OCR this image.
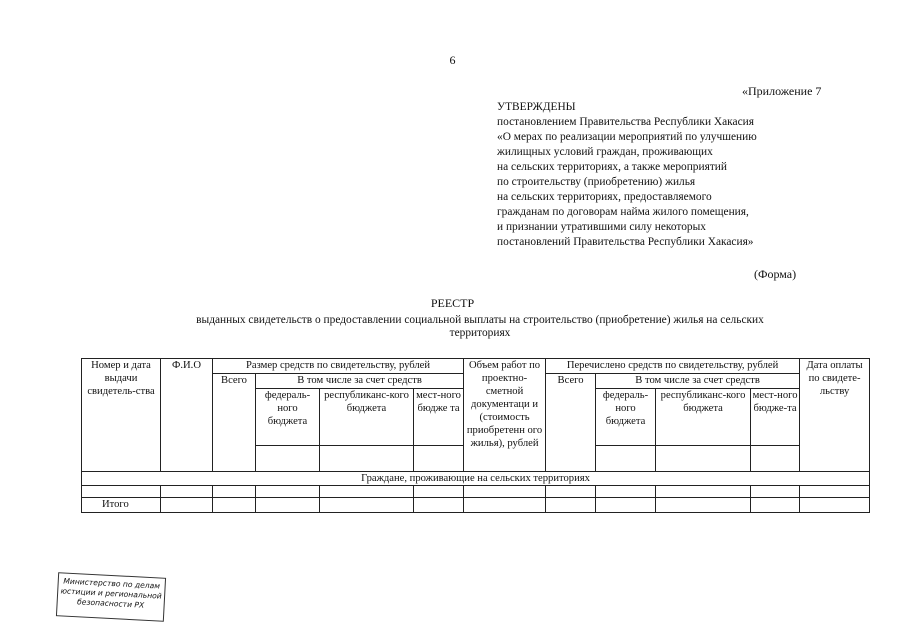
6
«Приложение 7
УТВЕРЖДЕНЫ
постановлением Правительства Республики Хакасия
«О мерах по реализации мероприятий по улучшению
жилищных условий граждан, проживающих
на сельских территориях, а также мероприятий
по строительству (приобретению) жилья
на сельских территориях, предоставляемого
гражданам по договорам найма жилого помещения,
и признании утратившими силу некоторых
постановлений Правительства Республики Хакасия»
(Форма)
РЕЕСТР
выданных свидетельств о предоставлении социальной выплаты на строительство (приобретение) жилья на сельских
территориях
Номер и дата выдачи свидетель-ства	Ф.И.О	Размер средств по свидетельству, рублей				Объем работ по проектно-сметной документаци и (стоимость приобретенн ого жилья), рублей	Перечислено средств по свидетельству, рублей				Дата оплаты по свидете-льству
		Всего	В том числе за счет средств				Всего	В том числе за счет средств			
			федераль-ного бюджета	республиканс-кого бюджета	мест-ного бюдже та			федераль-ного бюджета	республиканс-кого бюджета	мест-ного бюдже-та	

Граждане, проживающие на сельских территориях											

Итого											
Министерство по делам
юстиции и региональной
безопасности РХ
